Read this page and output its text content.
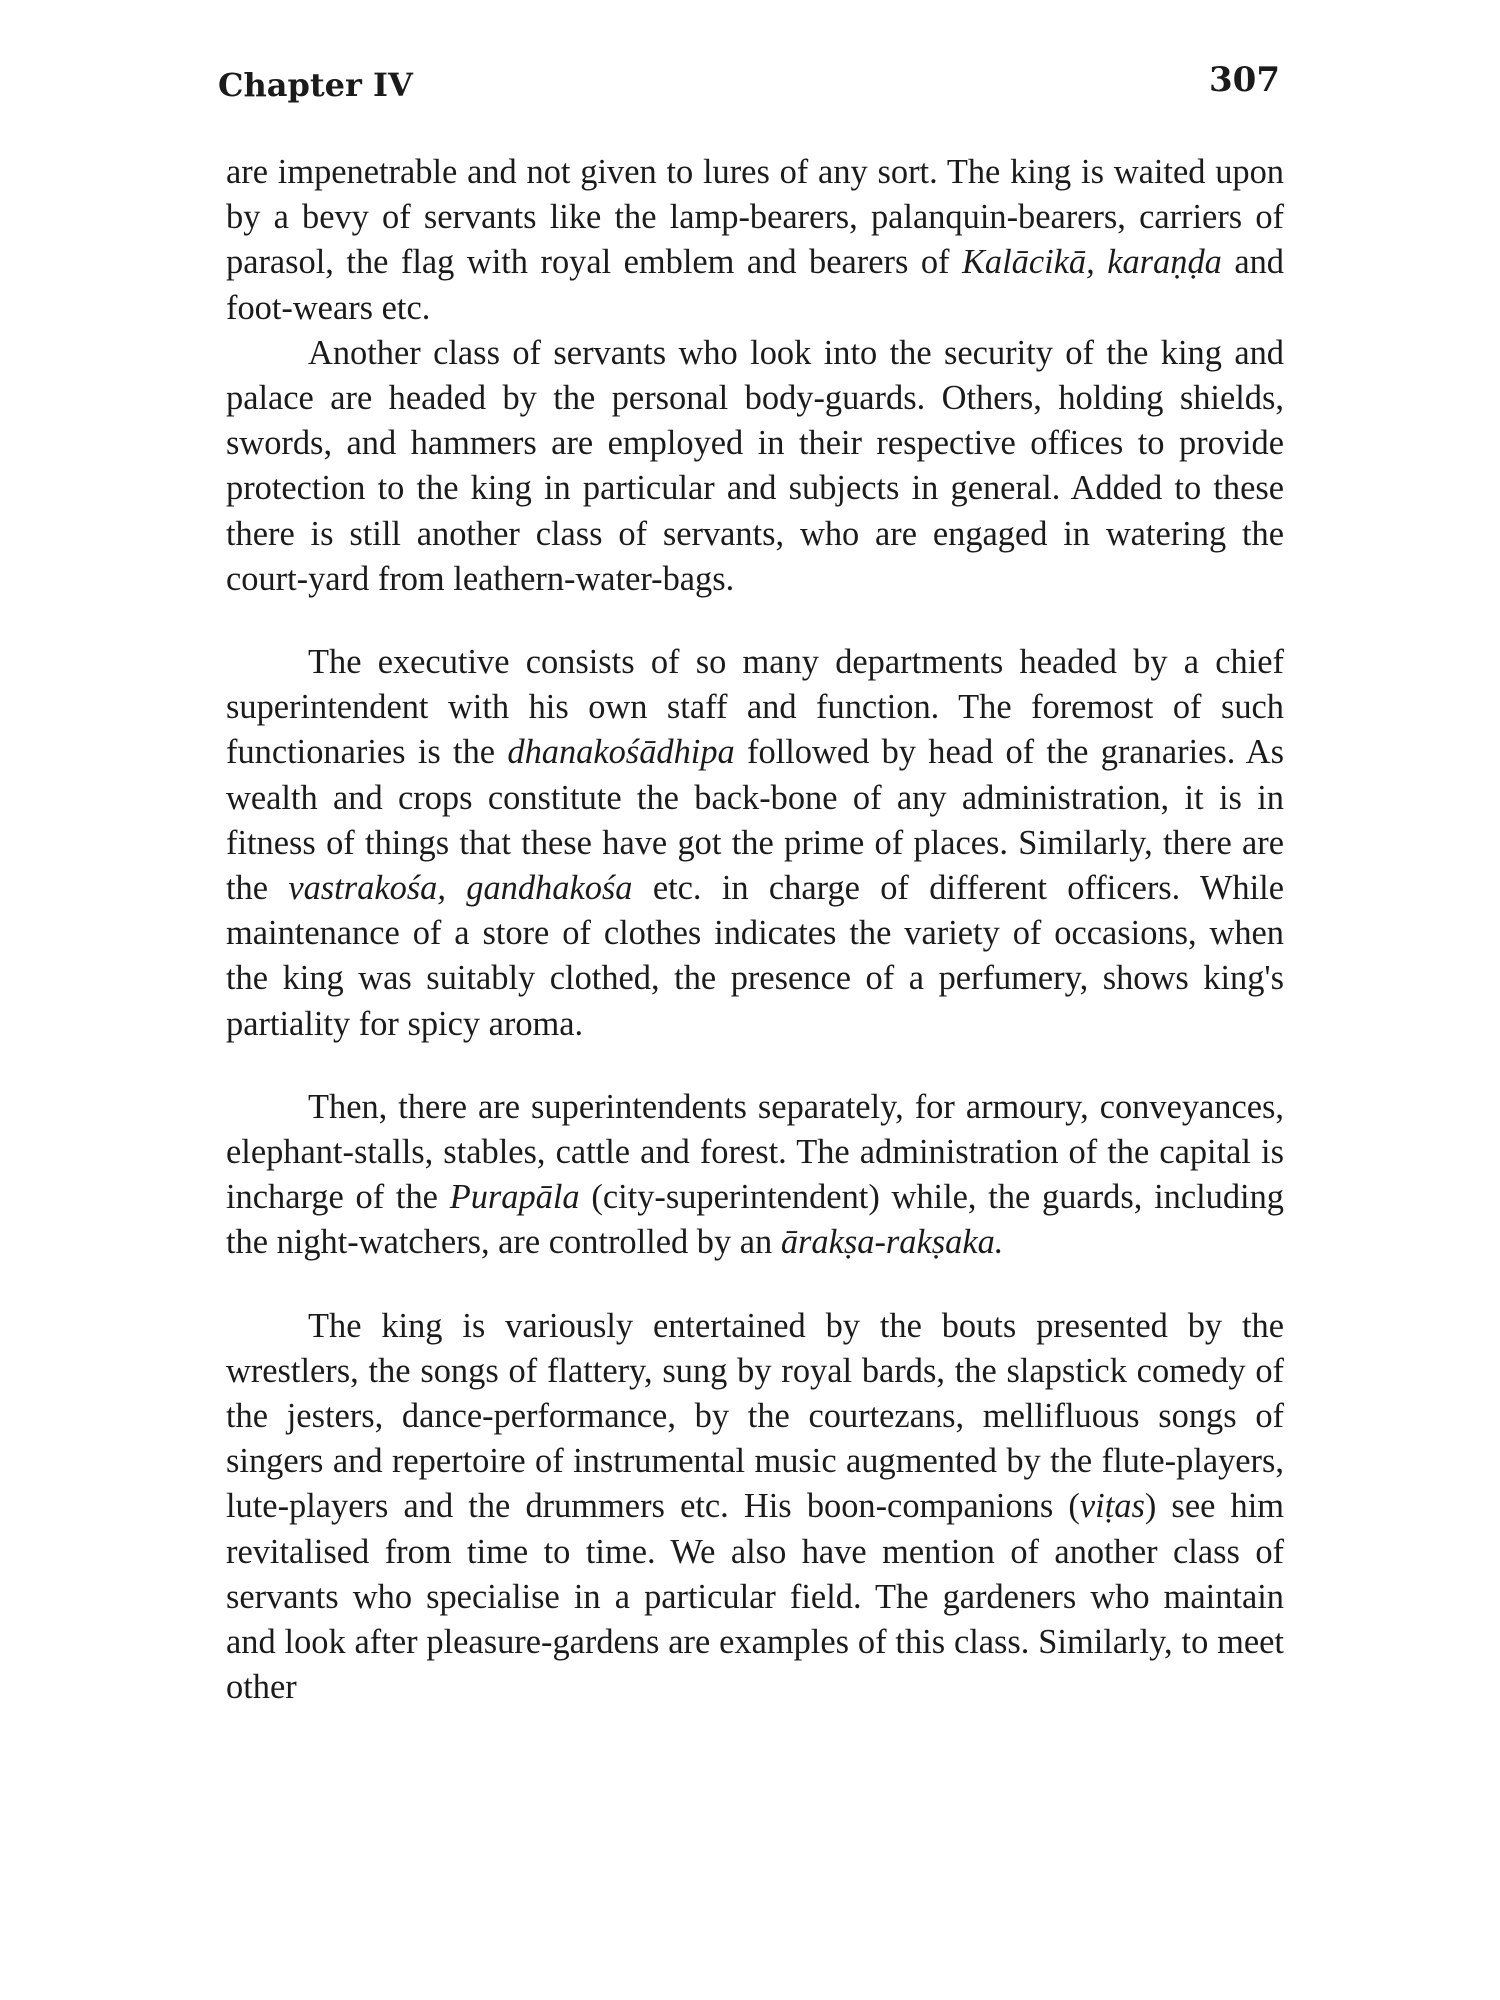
Chapter IV	307

are impenetrable and not given to lures of any sort. The king is waited upon by a bevy of servants like the lamp-bearers, palanquin-bearers, carriers of parasol, the flag with royal emblem and bearers of Kalācikā, karaṇḍa and foot-wears etc.

Another class of servants who look into the security of the king and palace are headed by the personal body-guards. Others, holding shields, swords, and hammers are employed in their respective offices to provide protection to the king in particular and subjects in general. Added to these there is still another class of servants, who are engaged in watering the court-yard from leathern-water-bags.

The executive consists of so many departments headed by a chief superintendent with his own staff and function. The foremost of such functionaries is the dhanakośādhipa followed by head of the granaries. As wealth and crops constitute the back-bone of any administration, it is in fitness of things that these have got the prime of places. Similarly, there are the vastrakośa, gandhakośa etc. in charge of different officers. While maintenance of a store of clothes indicates the variety of occasions, when the king was suitably clothed, the presence of a perfumery, shows king's partiality for spicy aroma.

Then, there are superintendents separately, for armoury, conveyances, elephant-stalls, stables, cattle and forest. The administration of the capital is incharge of the Purapāla (city-superintendent) while, the guards, including the night-watchers, are controlled by an ārakṣa-rakṣaka.

The king is variously entertained by the bouts presented by the wrestlers, the songs of flattery, sung by royal bards, the slapstick comedy of the jesters, dance-performance, by the courtezans, mellifluous songs of singers and repertoire of instrumental music augmented by the flute-players, lute-players and the drummers etc. His boon-companions (viṭas) see him revitalised from time to time. We also have mention of another class of servants who specialise in a particular field. The gardeners who maintain and look after pleasure-gardens are examples of this class. Similarly, to meet other
